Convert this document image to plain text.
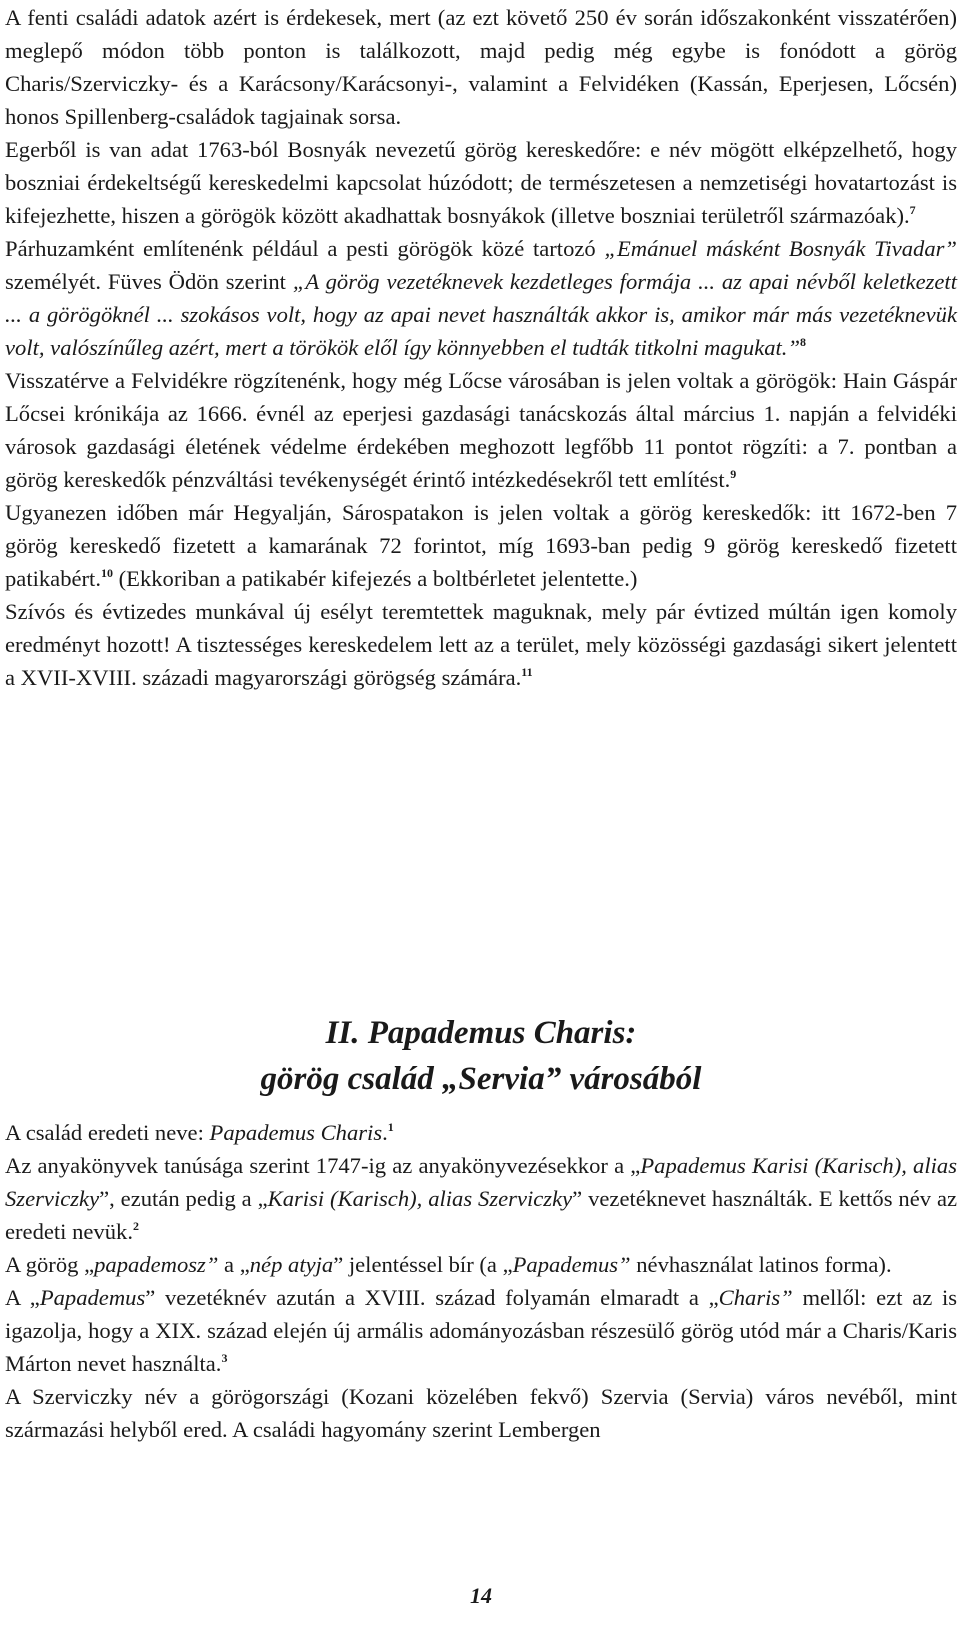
A fenti családi adatok azért is érdekesek, mert (az ezt követő 250 év során időszakonként visszatérően) meglepő módon több ponton is találkozott, majd pedig még egybe is fonódott a görög Charis/Szerviczky- és a Karácsony/Karácsonyi-, valamint a Felvidéken (Kassán, Eperjesen, Lőcsén) honos Spillenberg-családok tagjainak sorsa.

Egerből is van adat 1763-ból Bosnyák nevezetű görög kereskedőre: e név mögött elképzelhető, hogy boszniai érdekeltségű kereskedelmi kapcsolat húzódott; de természetesen a nemzetiségi hovatartozást is kifejezhette, hiszen a görögök között akadhattak bosnyákok (illetve boszniai területről származóak).$^7$

Párhuzamként említenénk például a pesti görögök közé tartozó „Emánuel másként Bosnyák Tivadar” személyét. Füves Ödön szerint „A görög vezetéknevek kezdetleges formája ... az apai névből keletkezett ... a görögöknél ... szokásos volt, hogy az apai nevet használták akkor is, amikor már más vezetéknevük volt, valószínűleg azért, mert a törökök elől így könnyebben el tudták titkolni magukat.”$^8$

Visszatérve a Felvidékre rögzítenénk, hogy még Lőcse városában is jelen voltak a görögök: Hain Gáspár Lőcsei krónikája az 1666. évnél az eperjesi gazdasági tanácskozás által március 1. napján a felvidéki városok gazdasági életének védelme érdekében meghozott legfőbb 11 pontot rögzíti: a 7. pontban a görög kereskedők pénzváltási tevékenységét érintő intézkedésekről tett említést.$^9$

Ugyanezen időben már Hegyalján, Sárospatakon is jelen voltak a görög kereskedők: itt 1672-ben 7 görög kereskedő fizetett a kamarának 72 forintot, míg 1693-ban pedig 9 görög kereskedő fizetett patikabért.$^{10}$ (Ekkoriban a patikabér kifejezés a boltbérletet jelentette.)

Szívós és évtizedes munkával új esélyt teremtettek maguknak, mely pár évtized múltán igen komoly eredményt hozott! A tisztességes kereskedelem lett az a terület, mely közösségi gazdasági sikert jelentett a XVII-XVIII. századi magyarországi görögség számára.$^{11}$

II. Papademus Charis:

görög család „Servia” városából

A család eredeti neve: Papademus Charis.$^1$

Az anyakönyvek tanúsága szerint 1747-ig az anyakönyvezésekkor a „Papademus Karisi (Karisch), alias Szerviczky”, ezután pedig a „Karisi (Karisch), alias Szerviczky” vezetéknevet használták. E kettős név az eredeti nevük.$^2$

A görög „papademosz” a „nép atyja” jelentéssel bír (a „Papademus” névhasználat latinos forma).

A „Papademus” vezetéknév azután a XVIII. század folyamán elmaradt a „Charis” mellől: ezt az is igazolja, hogy a XIX. század elején új armális adományozásban részesülő görög utód már a Charis/Karis Márton nevet használta.$^3$

A Szerviczky név a görögországi (Kozani közelében fekvő) Szervia (Servia) város nevéből, mint származási helyből ered. A családi hagyomány szerint Lembergen

14
